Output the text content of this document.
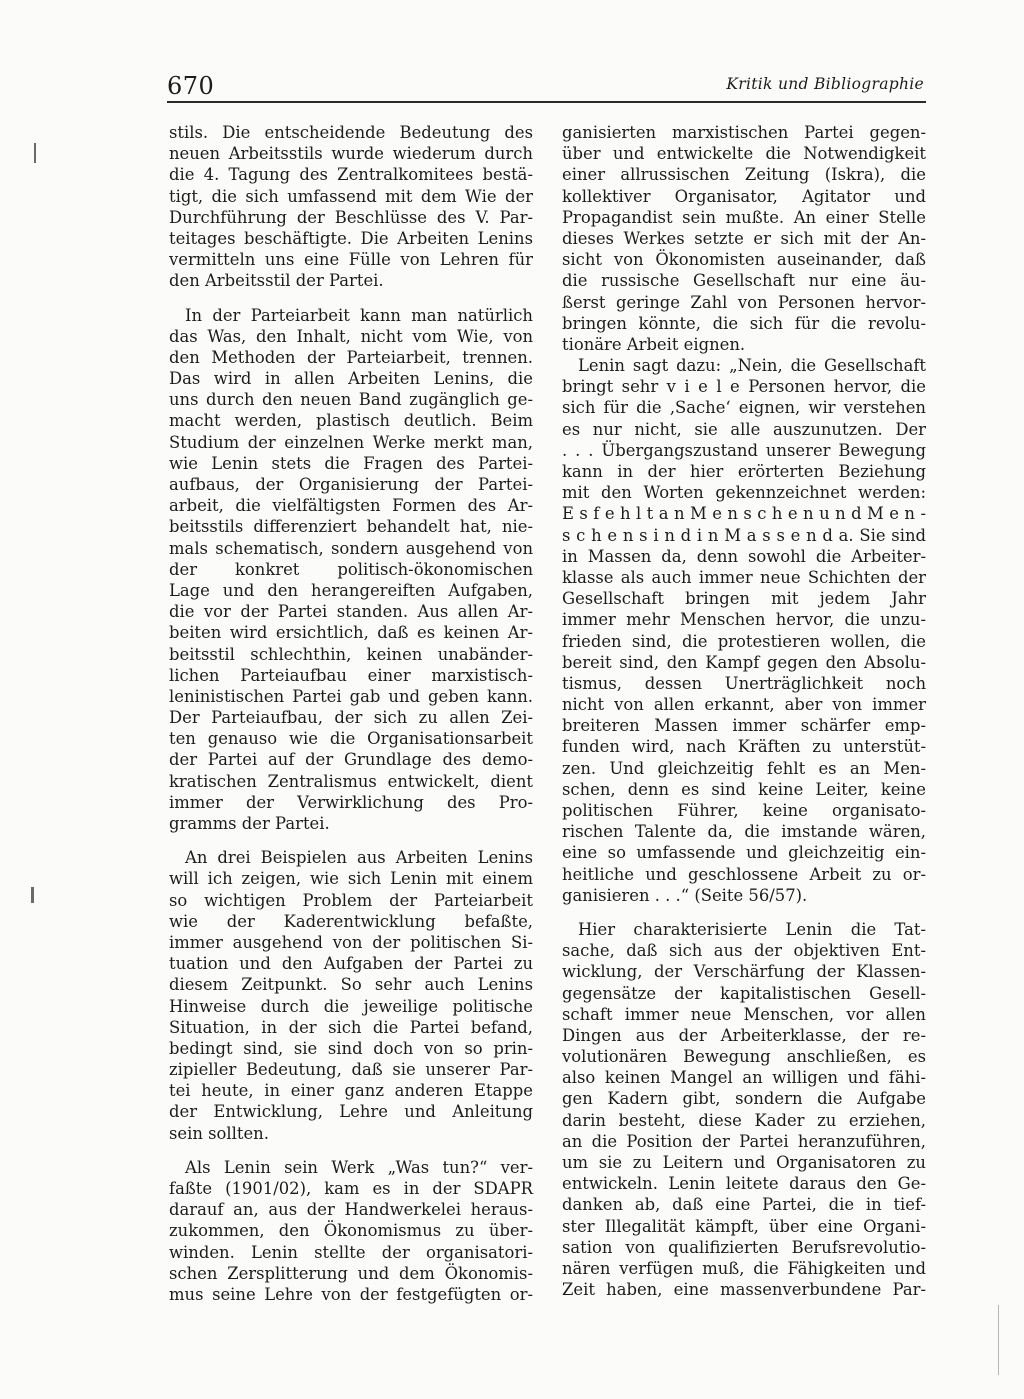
670	Kritik und Bibliographie
stils. Die entscheidende Bedeutung des
neuen Arbeitsstils wurde wiederum durch
die 4. Tagung des Zentralkomitees bestä-
tigt, die sich umfassend mit dem Wie der
Durchführung der Beschlüsse des V. Par-
teitages beschäftigte. Die Arbeiten Lenins
vermitteln uns eine Fülle von Lehren für
den Arbeitsstil der Partei.
In der Parteiarbeit kann man natürlich
das Was, den Inhalt, nicht vom Wie, von
den Methoden der Parteiarbeit, trennen.
Das wird in allen Arbeiten Lenins, die
uns durch den neuen Band zugänglich ge-
macht werden, plastisch deutlich. Beim
Studium der einzelnen Werke merkt man,
wie Lenin stets die Fragen des Partei-
aufbaus, der Organisierung der Partei-
arbeit, die vielfältigsten Formen des Ar-
beitsstils differenziert behandelt hat, nie-
mals schematisch, sondern ausgehend von
der konkret politisch-ökonomischen
Lage und den herangereiften Aufgaben,
die vor der Partei standen. Aus allen Ar-
beiten wird ersichtlich, daß es keinen Ar-
beitsstil schlechthin, keinen unabänder-
lichen Parteiaufbau einer marxistisch-
leninistischen Partei gab und geben kann.
Der Parteiaufbau, der sich zu allen Zei-
ten genauso wie die Organisationsarbeit
der Partei auf der Grundlage des demo-
kratischen Zentralismus entwickelt, dient
immer der Verwirklichung des Pro-
gramms der Partei.
An drei Beispielen aus Arbeiten Lenins
will ich zeigen, wie sich Lenin mit einem
so wichtigen Problem der Parteiarbeit
wie der Kaderentwicklung befaßte,
immer ausgehend von der politischen Si-
tuation und den Aufgaben der Partei zu
diesem Zeitpunkt. So sehr auch Lenins
Hinweise durch die jeweilige politische
Situation, in der sich die Partei befand,
bedingt sind, sie sind doch von so prin-
zipieller Bedeutung, daß sie unserer Par-
tei heute, in einer ganz anderen Etappe
der Entwicklung, Lehre und Anleitung
sein sollten.
Als Lenin sein Werk „Was tun?“ ver-
faßte (1901/02), kam es in der SDAPR
darauf an, aus der Handwerkelei heraus-
zukommen, den Ökonomismus zu über-
winden. Lenin stellte der organisatori-
schen Zersplitterung und dem Ökonomis-
mus seine Lehre von der festgefügten or-
ganisierten marxistischen Partei gegen-
über und entwickelte die Notwendigkeit
einer allrussischen Zeitung (Iskra), die
kollektiver Organisator, Agitator und
Propagandist sein mußte. An einer Stelle
dieses Werkes setzte er sich mit der An-
sicht von Ökonomisten auseinander, daß
die russische Gesellschaft nur eine äu-
ßerst geringe Zahl von Personen hervor-
bringen könnte, die sich für die revolu-
tionäre Arbeit eignen.
Lenin sagt dazu: „Nein, die Gesellschaft
bringt sehr v i e l e Personen hervor, die
sich für die ‚Sache‘ eignen, wir verstehen
es nur nicht, sie alle auszunutzen. Der
. . . Übergangszustand unserer Bewegung
kann in der hier erörterten Beziehung
mit den Worten gekennzeichnet werden:
E s f e h l t a n M e n s c h e n u n d M e n -
s c h e n s i n d i n M a s s e n d a. Sie sind
in Massen da, denn sowohl die Arbeiter-
klasse als auch immer neue Schichten der
Gesellschaft bringen mit jedem Jahr
immer mehr Menschen hervor, die unzu-
frieden sind, die protestieren wollen, die
bereit sind, den Kampf gegen den Absolu-
tismus, dessen Unerträglichkeit noch
nicht von allen erkannt, aber von immer
breiteren Massen immer schärfer emp-
funden wird, nach Kräften zu unterstüt-
zen. Und gleichzeitig fehlt es an Men-
schen, denn es sind keine Leiter, keine
politischen Führer, keine organisato-
rischen Talente da, die imstande wären,
eine so umfassende und gleichzeitig ein-
heitliche und geschlossene Arbeit zu or-
ganisieren . . .“ (Seite 56/57).
Hier charakterisierte Lenin die Tat-
sache, daß sich aus der objektiven Ent-
wicklung, der Verschärfung der Klassen-
gegensätze der kapitalistischen Gesell-
schaft immer neue Menschen, vor allen
Dingen aus der Arbeiterklasse, der re-
volutionären Bewegung anschließen, es
also keinen Mangel an willigen und fähi-
gen Kadern gibt, sondern die Aufgabe
darin besteht, diese Kader zu erziehen,
an die Position der Partei heranzuführen,
um sie zu Leitern und Organisatoren zu
entwickeln. Lenin leitete daraus den Ge-
danken ab, daß eine Partei, die in tief-
ster Illegalität kämpft, über eine Organi-
sation von qualifizierten Berufsrevolutio-
nären verfügen muß, die Fähigkeiten und
Zeit haben, eine massenverbundene Par-
